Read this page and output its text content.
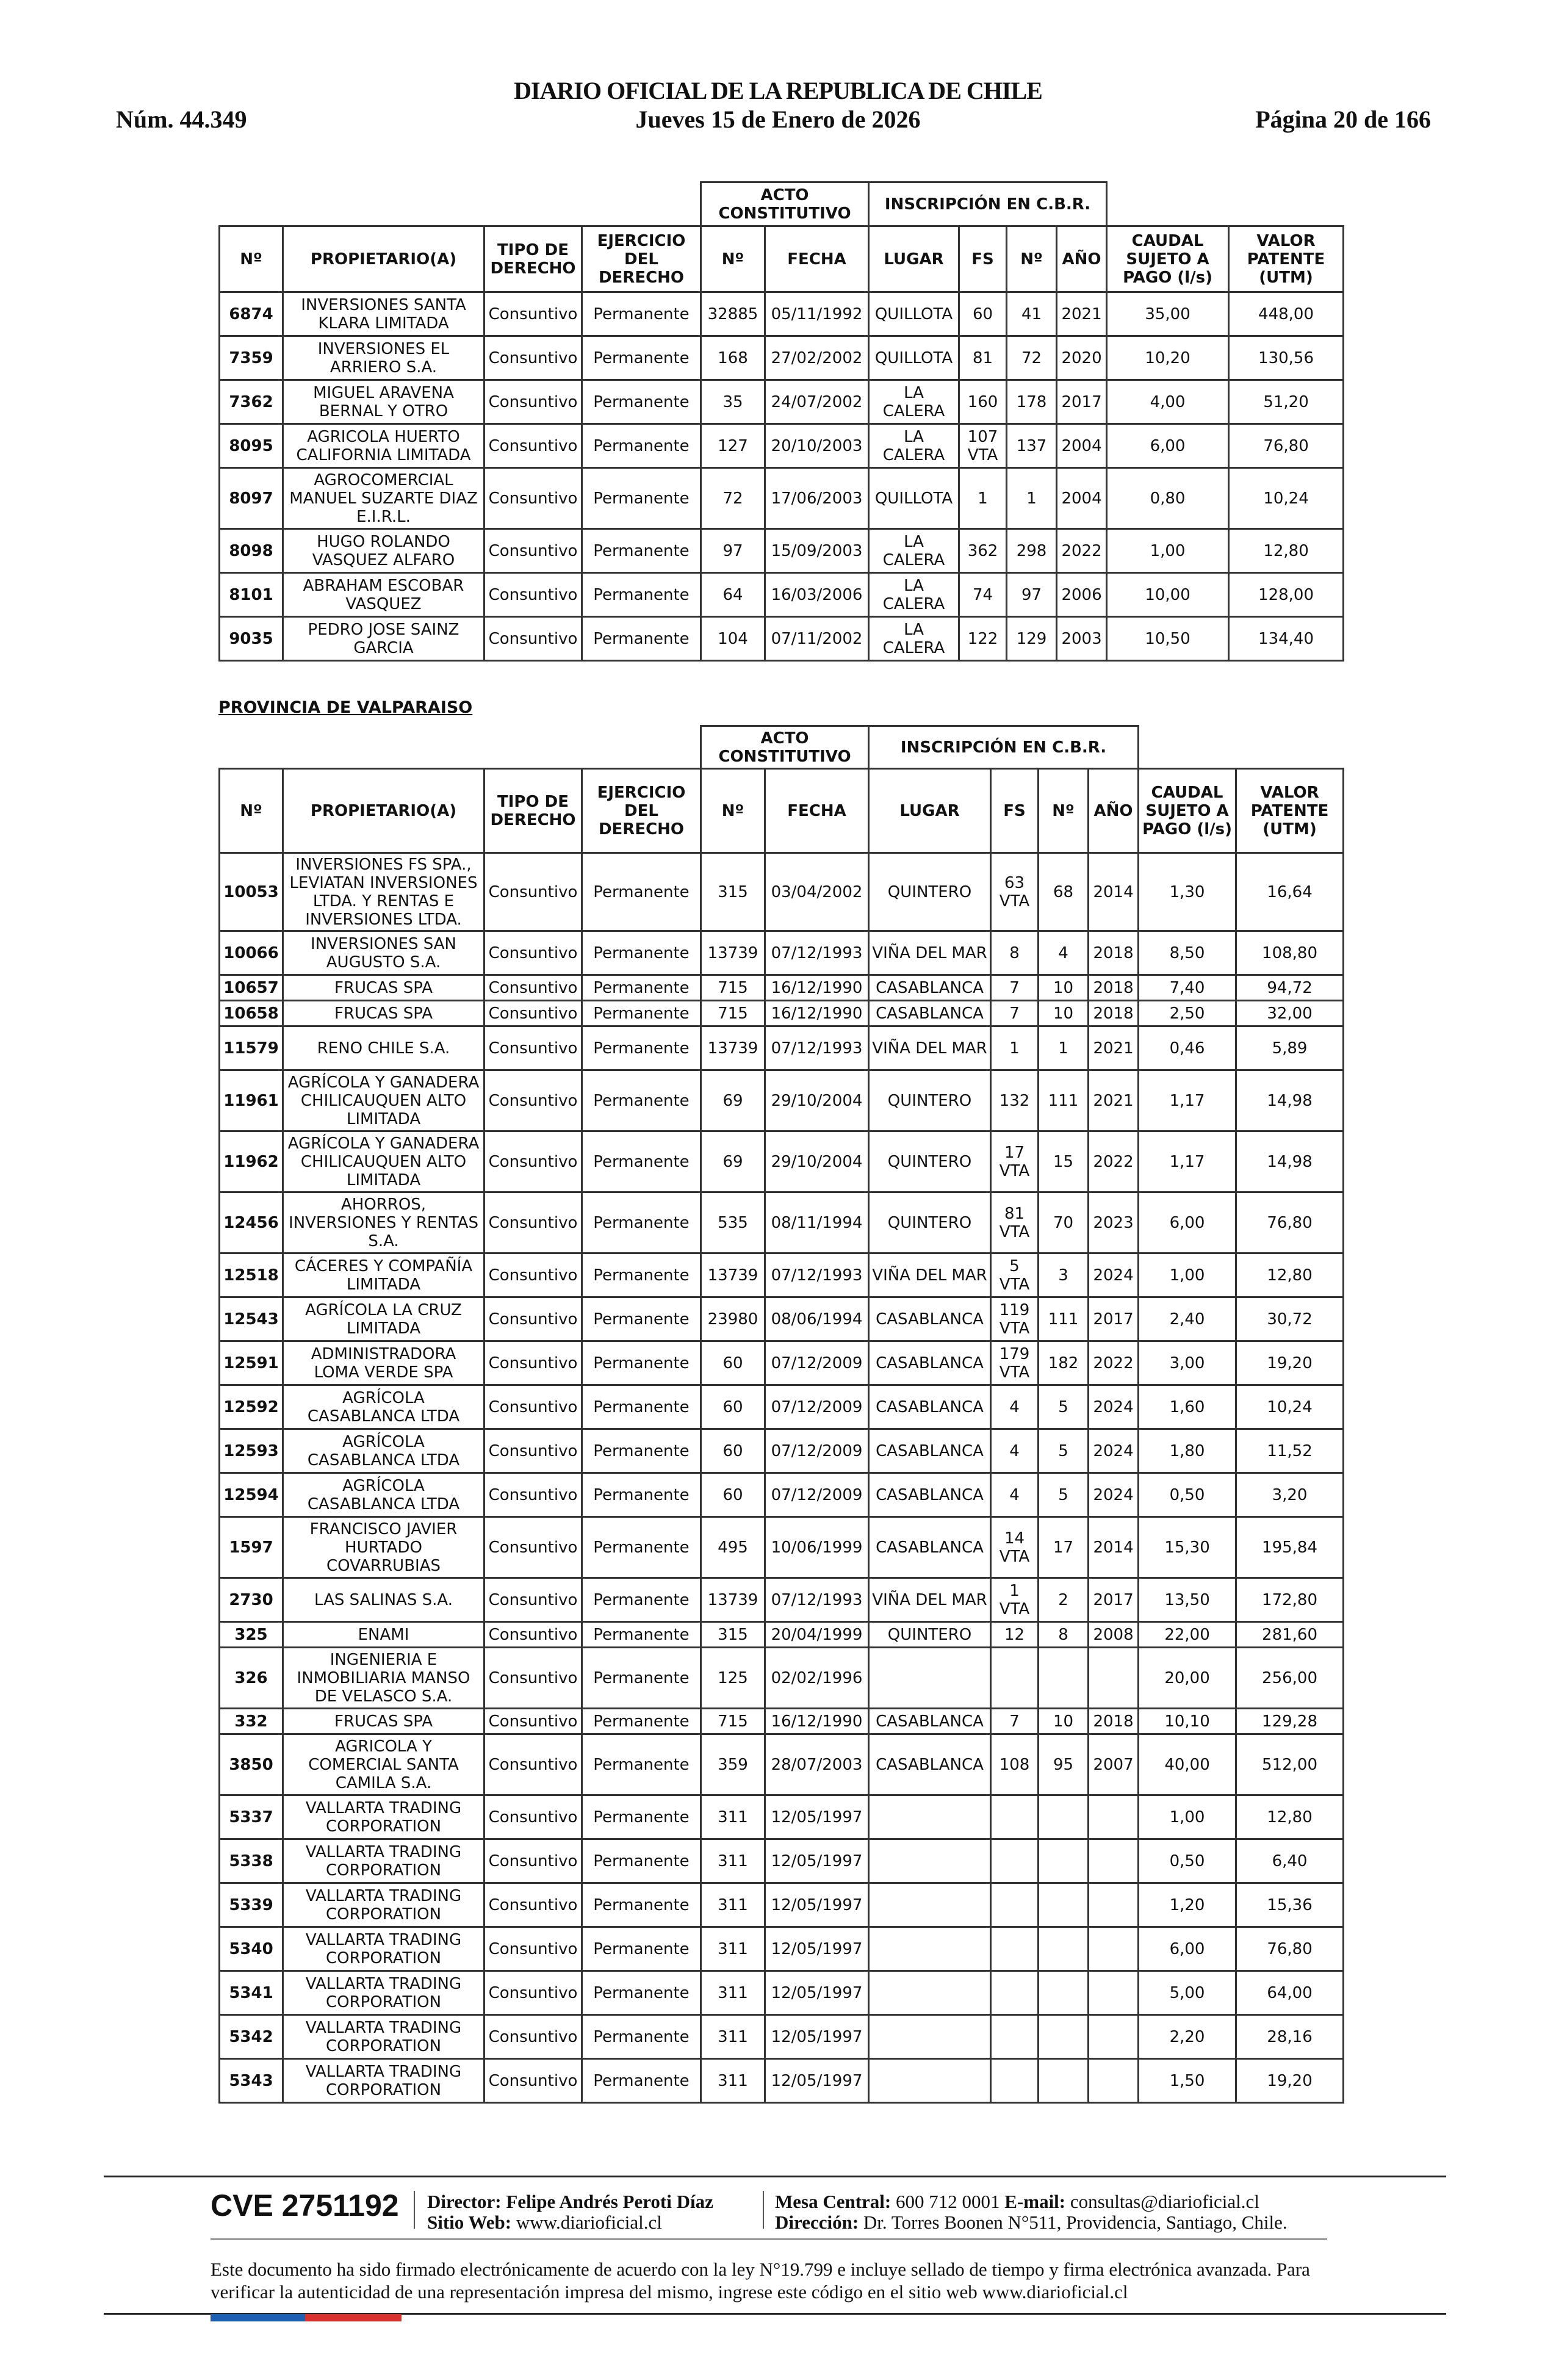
DIARIO OFICIAL DE LA REPUBLICA DE CHILE
Núm. 44.349	Jueves 15 de Enero de 2026	Página 20 de 166
				ACTO CONSTITUTIVO		INSCRIPCIÓN EN C.B.R.					
Nº	PROPIETARIO(A)	TIPO DE DERECHO	EJERCICIO DEL DERECHO	Nº	FECHA	LUGAR	FS	Nº	AÑO	CAUDAL SUJETO A PAGO (l/s)	VALOR PATENTE (UTM)
6874	INVERSIONES SANTA KLARA LIMITADA	Consuntivo	Permanente	32885	05/11/1992	QUILLOTA	60	41	2021	35,00	448,00
7359	INVERSIONES EL ARRIERO S.A.	Consuntivo	Permanente	168	27/02/2002	QUILLOTA	81	72	2020	10,20	130,56
7362	MIGUEL ARAVENA BERNAL Y OTRO	Consuntivo	Permanente	35	24/07/2002	LA CALERA	160	178	2017	4,00	51,20
8095	AGRICOLA HUERTO CALIFORNIA LIMITADA	Consuntivo	Permanente	127	20/10/2003	LA CALERA	107 VTA	137	2004	6,00	76,80
8097	AGROCOMERCIAL MANUEL SUZARTE DIAZ E.I.R.L.	Consuntivo	Permanente	72	17/06/2003	QUILLOTA	1	1	2004	0,80	10,24
8098	HUGO ROLANDO VASQUEZ ALFARO	Consuntivo	Permanente	97	15/09/2003	LA CALERA	362	298	2022	1,00	12,80
8101	ABRAHAM ESCOBAR VASQUEZ	Consuntivo	Permanente	64	16/03/2006	LA CALERA	74	97	2006	10,00	128,00
9035	PEDRO JOSE SAINZ GARCIA	Consuntivo	Permanente	104	07/11/2002	LA CALERA	122	129	2003	10,50	134,40
PROVINCIA DE VALPARAISO
				ACTO CONSTITUTIVO		INSCRIPCIÓN EN C.B.R.					
Nº	PROPIETARIO(A)	TIPO DE DERECHO	EJERCICIO DEL DERECHO	Nº	FECHA	LUGAR	FS	Nº	AÑO	CAUDAL SUJETO A PAGO (l/s)	VALOR PATENTE (UTM)
10053	INVERSIONES FS SPA., LEVIATAN INVERSIONES LTDA. Y RENTAS E INVERSIONES LTDA.	Consuntivo	Permanente	315	03/04/2002	QUINTERO	63 VTA	68	2014	1,30	16,64
10066	INVERSIONES SAN AUGUSTO S.A.	Consuntivo	Permanente	13739	07/12/1993	VIÑA DEL MAR	8	4	2018	8,50	108,80
10657	FRUCAS SPA	Consuntivo	Permanente	715	16/12/1990	CASABLANCA	7	10	2018	7,40	94,72
10658	FRUCAS SPA	Consuntivo	Permanente	715	16/12/1990	CASABLANCA	7	10	2018	2,50	32,00
11579	RENO CHILE S.A.	Consuntivo	Permanente	13739	07/12/1993	VIÑA DEL MAR	1	1	2021	0,46	5,89
11961	AGRÍCOLA Y GANADERA CHILICAUQUEN ALTO LIMITADA	Consuntivo	Permanente	69	29/10/2004	QUINTERO	132	111	2021	1,17	14,98
11962	AGRÍCOLA Y GANADERA CHILICAUQUEN ALTO LIMITADA	Consuntivo	Permanente	69	29/10/2004	QUINTERO	17 VTA	15	2022	1,17	14,98
12456	AHORROS, INVERSIONES Y RENTAS S.A.	Consuntivo	Permanente	535	08/11/1994	QUINTERO	81 VTA	70	2023	6,00	76,80
12518	CÁCERES Y COMPAÑÍA LIMITADA	Consuntivo	Permanente	13739	07/12/1993	VIÑA DEL MAR	5 VTA	3	2024	1,00	12,80
12543	AGRÍCOLA LA CRUZ LIMITADA	Consuntivo	Permanente	23980	08/06/1994	CASABLANCA	119 VTA	111	2017	2,40	30,72
12591	ADMINISTRADORA LOMA VERDE SPA	Consuntivo	Permanente	60	07/12/2009	CASABLANCA	179 VTA	182	2022	3,00	19,20
12592	AGRÍCOLA CASABLANCA LTDA	Consuntivo	Permanente	60	07/12/2009	CASABLANCA	4	5	2024	1,60	10,24
12593	AGRÍCOLA CASABLANCA LTDA	Consuntivo	Permanente	60	07/12/2009	CASABLANCA	4	5	2024	1,80	11,52
12594	AGRÍCOLA CASABLANCA LTDA	Consuntivo	Permanente	60	07/12/2009	CASABLANCA	4	5	2024	0,50	3,20
1597	FRANCISCO JAVIER HURTADO COVARRUBIAS	Consuntivo	Permanente	495	10/06/1999	CASABLANCA	14 VTA	17	2014	15,30	195,84
2730	LAS SALINAS S.A.	Consuntivo	Permanente	13739	07/12/1993	VIÑA DEL MAR	1 VTA	2	2017	13,50	172,80
325	ENAMI	Consuntivo	Permanente	315	20/04/1999	QUINTERO	12	8	2008	22,00	281,60
326	INGENIERIA E INMOBILIARIA MANSO DE VELASCO S.A.	Consuntivo	Permanente	125	02/02/1996					20,00	256,00
332	FRUCAS SPA	Consuntivo	Permanente	715	16/12/1990	CASABLANCA	7	10	2018	10,10	129,28
3850	AGRICOLA Y COMERCIAL SANTA CAMILA S.A.	Consuntivo	Permanente	359	28/07/2003	CASABLANCA	108	95	2007	40,00	512,00
5337	VALLARTA TRADING CORPORATION	Consuntivo	Permanente	311	12/05/1997					1,00	12,80
5338	VALLARTA TRADING CORPORATION	Consuntivo	Permanente	311	12/05/1997					0,50	6,40
5339	VALLARTA TRADING CORPORATION	Consuntivo	Permanente	311	12/05/1997					1,20	15,36
5340	VALLARTA TRADING CORPORATION	Consuntivo	Permanente	311	12/05/1997					6,00	76,80
5341	VALLARTA TRADING CORPORATION	Consuntivo	Permanente	311	12/05/1997					5,00	64,00
5342	VALLARTA TRADING CORPORATION	Consuntivo	Permanente	311	12/05/1997					2,20	28,16
5343	VALLARTA TRADING CORPORATION	Consuntivo	Permanente	311	12/05/1997					1,50	19,20
CVE 2751192 Director: Felipe Andrés Peroti Díaz
Sitio Web: www.diarioficial.cl
Mesa Central: 600 712 0001 E-mail: consultas@diarioficial.cl
Dirección: Dr. Torres Boonen N°511, Providencia, Santiago, Chile.
Este documento ha sido firmado electrónicamente de acuerdo con la ley N°19.799 e incluye sellado de tiempo y firma electrónica avanzada. Para verificar la autenticidad de una representación impresa del mismo, ingrese este código en el sitio web www.diarioficial.cl
